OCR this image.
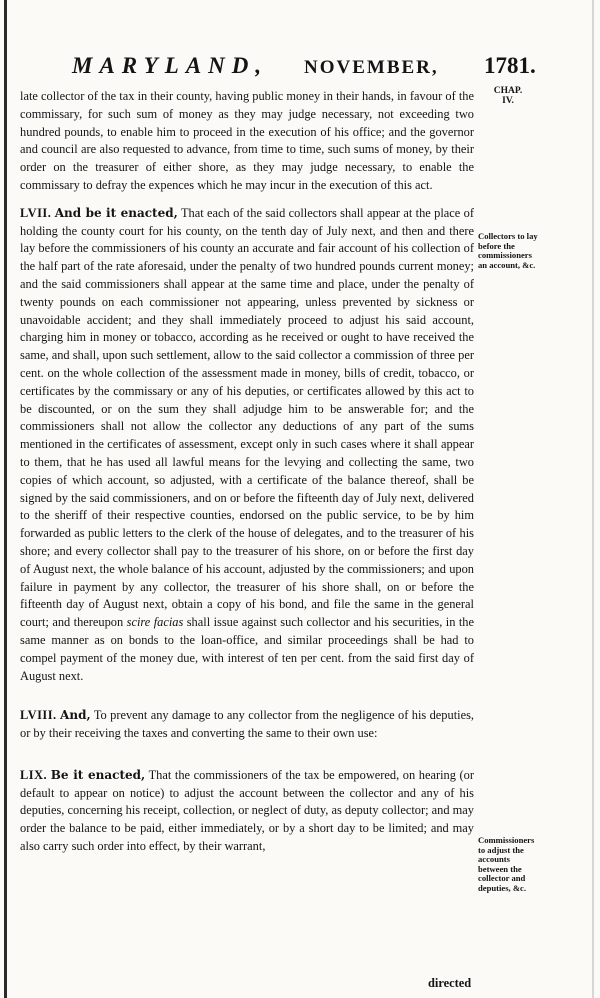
MARYLAND, NOVEMBER, 1781.
CHAP.
IV.

late collector of the tax in their county, having public money in their hands, in favour of the commissary, for such sum of money as they may judge necessary, not exceeding two hundred pounds, to enable him to proceed in the execution of his office; and the governor and council are also requested to advance, from time to time, such sums of money, by their order on the treasurer of either shore, as they may judge necessary, to enable the commissary to defray the expences which he may incur in the execution of this act.

LVII. And be it enacted, That each of the said collectors shall appear at the place of holding the county court for his county, on the tenth day of July next, and then and there lay before the commissioners of his county an accurate and fair account of his collection of the half part of the rate aforesaid, under the penalty of two hundred pounds current money; and the said commissioners shall appear at the same time and place, under the penalty of twenty pounds on each commissioner not appearing, unless prevented by sickness or unavoidable accident; and they shall immediately proceed to adjust his said account, charging him in money or tobacco, according as he received or ought to have received the same, and shall, upon such settlement, allow to the said collector a commission of three per cent. on the whole collection of the assessment made in money, bills of credit, tobacco, or certificates by the commissary or any of his deputies, or certificates allowed by this act to be discounted, or on the sum they shall adjudge him to be answerable for; and the commissioners shall not allow the collector any deductions of any part of the sums mentioned in the certificates of assessment, except only in such cases where it shall appear to them, that he has used all lawful means for the levying and collecting the same, two copies of which account, so adjusted, with a certificate of the balance thereof, shall be signed by the said commissioners, and on or before the fifteenth day of July next, delivered to the sheriff of their respective counties, endorsed on the public service, to be by him forwarded as public letters to the clerk of the house of delegates, and to the treasurer of his shore; and every collector shall pay to the treasurer of his shore, on or before the first day of August next, the whole balance of his account, adjusted by the commissioners; and upon failure in payment by any collector, the treasurer of his shore shall, on or before the fifteenth day of August next, obtain a copy of his bond, and file the same in the general court; and thereupon scire facias shall issue against such collector and his securities, in the same manner as on bonds to the loan-office, and similar proceedings shall be had to compel payment of the money due, with interest of ten per cent. from the said first day of August next.

LVIII. And, To prevent any damage to any collector from the negligence of his deputies, or by their receiving the taxes and converting the same to their own use:

LIX. Be it enacted, That the commissioners of the tax be empowered, on hearing (or default to appear on notice) to adjust the account between the collector and any of his deputies, concerning his receipt, collection, or neglect of duty, as deputy collector; and may order the balance to be paid, either immediately, or by a short day to be limited; and may also carry such order into effect, by their warrant,

Collectors to lay before the commissioners an account, &c.
Commissioners to adjust the accounts between the collector and deputies, &c.
directed
